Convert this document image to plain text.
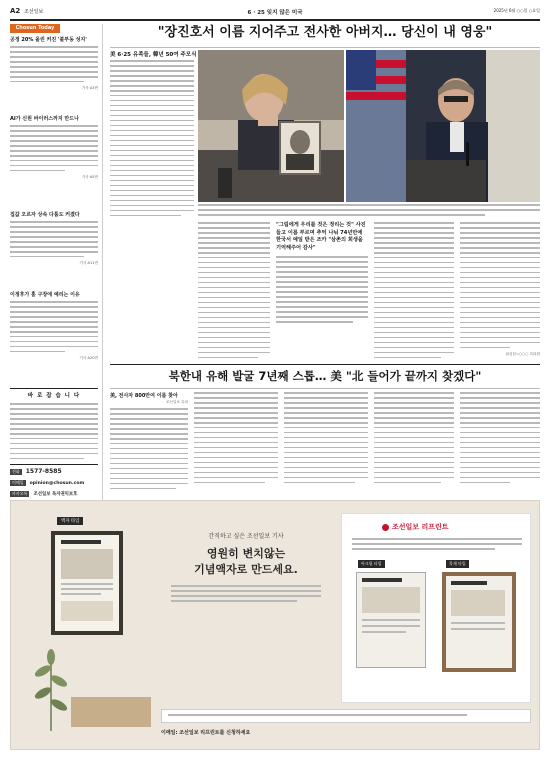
A2 조선일보	6 · 25 잊지 않은 미국	2025년 6월 ○○일 ○요일
Chosun Today
공정 20% 올린 커진 '불부동 성지'
기사 A3면
AI가 신원 바이러스까지 만드나
기사 A5면
집값 오르자 상속 다툼도 커졌다
기사 A11면
이정후가 홈 구장에 예리는 이유
기사 A20면
바 로 잡 습 니 다
전화	1577-8585
이메일	opinion@chosun.com
카카오톡	조선일보 독자권익보호
"장진호서 이름 지어주고 전사한 아버지… 당신이 내 영웅"
美 6·25 유족들, 韓년 50여 주모식
"그림에게 우리를 것은 정리는 것" 사진 들고 이름 부르며 추억 나눠 74년만에 한국서 예일 받은 조카 "삼촌의 희생을 기억해주어 감사"
워싱턴=○○○ 특파원
북한내 유해 발굴 7년째 스톱… 美 "北 들어가 끝까지 찾겠다"
美, 전사자 800만여 이름 찾아
조선일보 특파
액자 타입
간직하고 싶은 조선일보 기사
영원히 변치않는
기념액자로 만드세요.
조선일보 리프린트
아크릴 타입	목재 타입
이메일: 조선일보 리프린트를 신청하세요
